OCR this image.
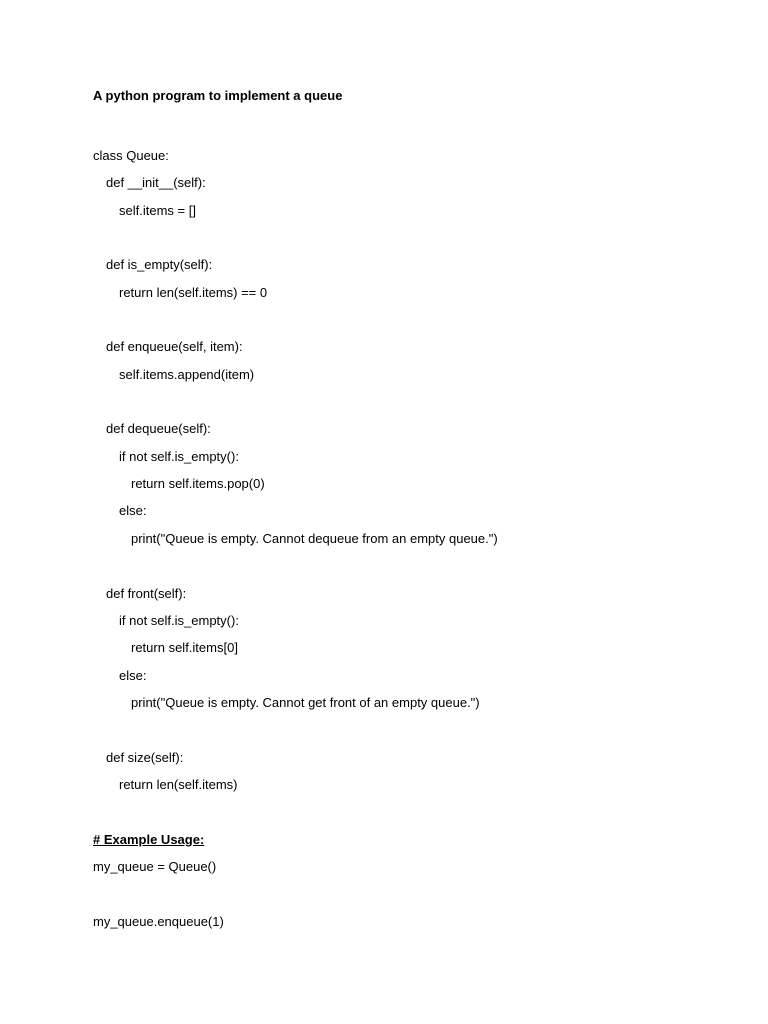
A python program to implement a queue
class Queue:
def __init__(self):
self.items = []
def is_empty(self):
return len(self.items) == 0
def enqueue(self, item):
self.items.append(item)
def dequeue(self):
if not self.is_empty():
return self.items.pop(0)
else:
print("Queue is empty. Cannot dequeue from an empty queue.")
def front(self):
if not self.is_empty():
return self.items[0]
else:
print("Queue is empty. Cannot get front of an empty queue.")
def size(self):
return len(self.items)
# Example Usage:
my_queue = Queue()
my_queue.enqueue(1)
